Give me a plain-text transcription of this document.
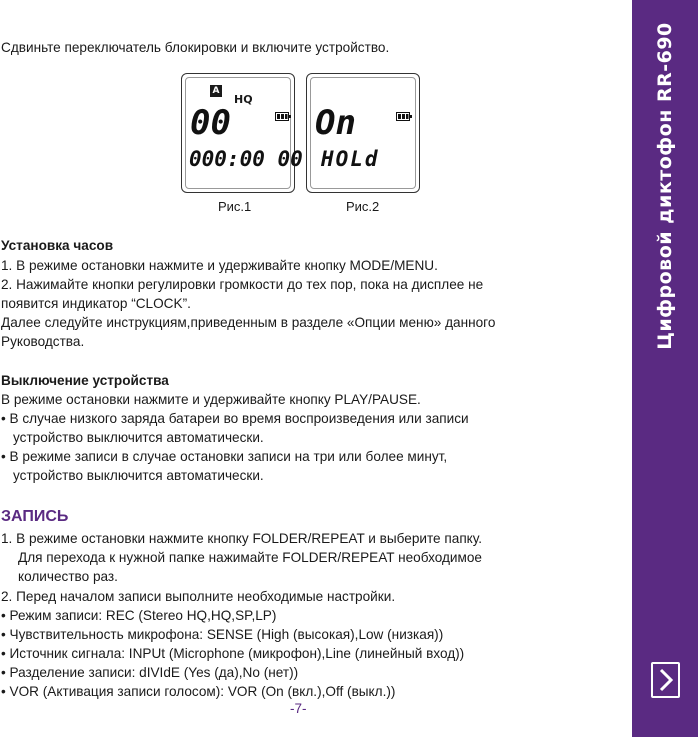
Цифровой диктофон RR-690
Сдвиньте переключатель блокировки и включите устройство.
A
HQ
00
000:00 00
Рис.1
On
HOLd
Рис.2
Установка часов
1. В режиме остановки нажмите и удерживайте кнопку MODE/MENU.
2. Нажимайте кнопки регулировки громкости до тех пор, пока на дисплее не
появится индикатор “CLOCK”.
Далее следуйте инструкциям,приведенным в разделе «Опции меню» данного
Руководства.
Выключение устройства
В режиме остановки нажмите и удерживайте кнопку PLAY/PAUSE.
• В случае низкого заряда батареи во время воспроизведения или записи
устройство выключится автоматически.
• В режиме записи в случае остановки записи на три или более минут,
устройство выключится автоматически.
ЗАПИСЬ
1. В режиме остановки нажмите кнопку FOLDER/REPEAT и выберите папку.
Для перехода к нужной папке нажимайте FOLDER/REPEAT необходимое
количество раз.
2. Перед началом записи выполните необходимые настройки.
• Режим записи: REC (Stereo HQ,HQ,SP,LP)
• Чувствительность микрофона: SENSE (High (высокая),Low (низкая))
• Источник сигнала: INPUt (Microphone (микрофон),Line (линейный вход))
• Разделение записи: dIVIdE (Yes (да),No (нет))
• VOR (Активация записи голосом): VOR (On (вкл.),Off (выкл.))
-7-
